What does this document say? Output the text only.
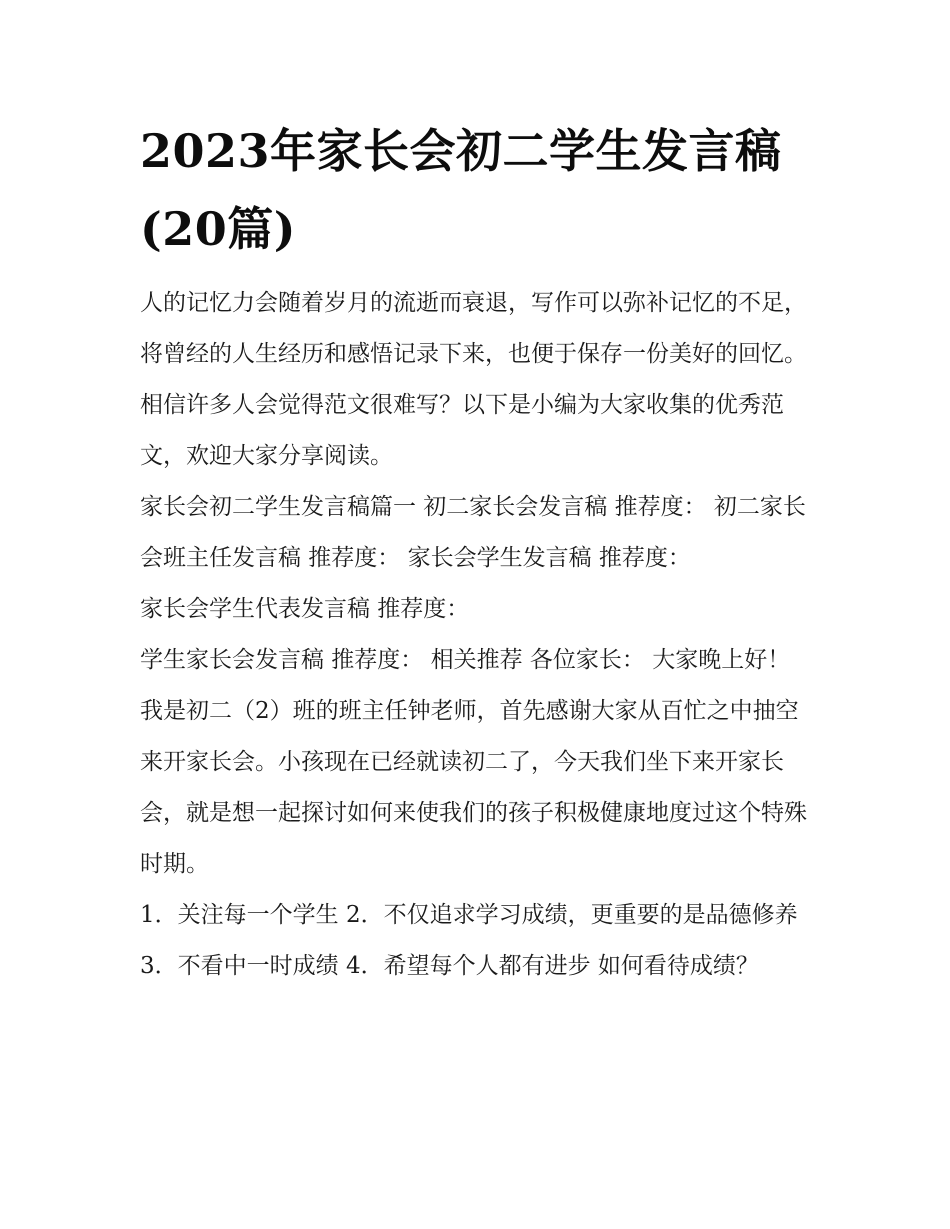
2023年家长会初二学生发言稿(20篇)

人的记忆力会随着岁月的流逝而衰退，写作可以弥补记忆的不足，将曾经的人生经历和感悟记录下来，也便于保存一份美好的回忆。相信许多人会觉得范文很难写？以下是小编为大家收集的优秀范文，欢迎大家分享阅读。

家长会初二学生发言稿篇一 初二家长会发言稿 推荐度： 初二家长会班主任发言稿 推荐度： 家长会学生发言稿 推荐度：

家长会学生代表发言稿 推荐度：

学生家长会发言稿 推荐度： 相关推荐 各位家长： 大家晚上好！

我是初二（2）班的班主任钟老师，首先感谢大家从百忙之中抽空来开家长会。小孩现在已经就读初二了，今天我们坐下来开家长会，就是想一起探讨如何来使我们的孩子积极健康地度过这个特殊时期。

1．关注每一个学生 2．不仅追求学习成绩，更重要的是品德修养 3．不看中一时成绩 4．希望每个人都有进步 如何看待成绩？
